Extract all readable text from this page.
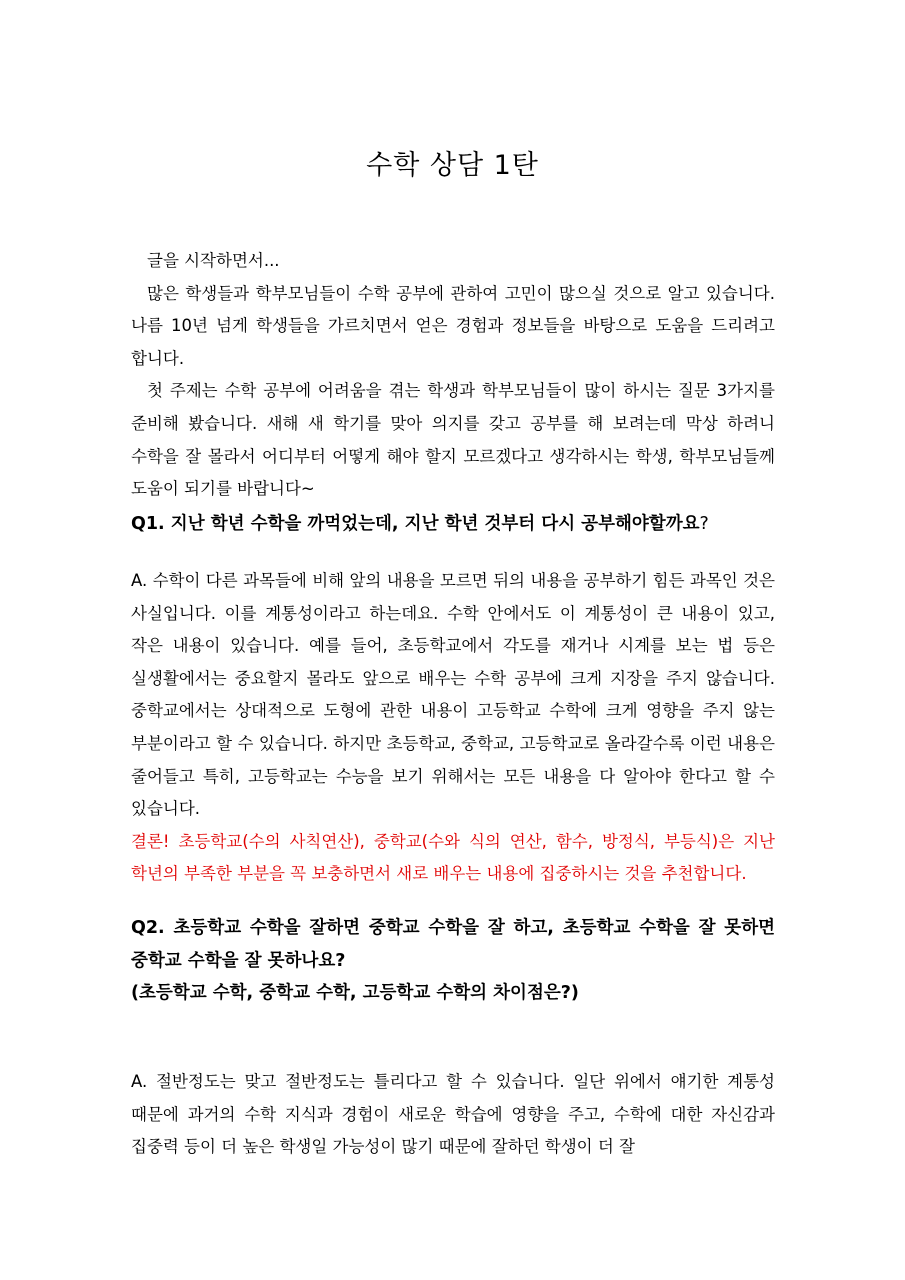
수학 상담 1탄

글을 시작하면서...

많은 학생들과 학부모님들이 수학 공부에 관하여 고민이 많으실 것으로 알고 있습니다. 나름 10년 넘게 학생들을 가르치면서 얻은 경험과 정보들을 바탕으로 도움을 드리려고 합니다.

첫 주제는 수학 공부에 어려움을 겪는 학생과 학부모님들이 많이 하시는 질문 3가지를 준비해 봤습니다. 새해 새 학기를 맞아 의지를 갖고 공부를 해 보려는데 막상 하려니 수학을 잘 몰라서 어디부터 어떻게 해야 할지 모르겠다고 생각하시는 학생, 학부모님들께 도움이 되기를 바랍니다~

Q1. 지난 학년 수학을 까먹었는데, 지난 학년 것부터 다시 공부해야할까요?

A. 수학이 다른 과목들에 비해 앞의 내용을 모르면 뒤의 내용을 공부하기 힘든 과목인 것은 사실입니다. 이를 계통성이라고 하는데요. 수학 안에서도 이 계통성이 큰 내용이 있고, 작은 내용이 있습니다. 예를 들어, 초등학교에서 각도를 재거나 시계를 보는 법 등은 실생활에서는 중요할지 몰라도 앞으로 배우는 수학 공부에 크게 지장을 주지 않습니다. 중학교에서는 상대적으로 도형에 관한 내용이 고등학교 수학에 크게 영향을 주지 않는 부분이라고 할 수 있습니다. 하지만 초등학교, 중학교, 고등학교로 올라갈수록 이런 내용은 줄어들고 특히, 고등학교는 수능을 보기 위해서는 모든 내용을 다 알아야 한다고 할 수 있습니다.

결론! 초등학교(수의 사칙연산), 중학교(수와 식의 연산, 함수, 방정식, 부등식)은 지난 학년의 부족한 부분을 꼭 보충하면서 새로 배우는 내용에 집중하시는 것을 추천합니다.

Q2. 초등학교 수학을 잘하면 중학교 수학을 잘 하고, 초등학교 수학을 잘 못하면 중학교 수학을 잘 못하나요?

(초등학교 수학, 중학교 수학, 고등학교 수학의 차이점은?)

A. 절반정도는 맞고 절반정도는 틀리다고 할 수 있습니다. 일단 위에서 얘기한 계통성 때문에 과거의 수학 지식과 경험이 새로운 학습에 영향을 주고, 수학에 대한 자신감과 집중력 등이 더 높은 학생일 가능성이 많기 때문에 잘하던 학생이 더 잘
